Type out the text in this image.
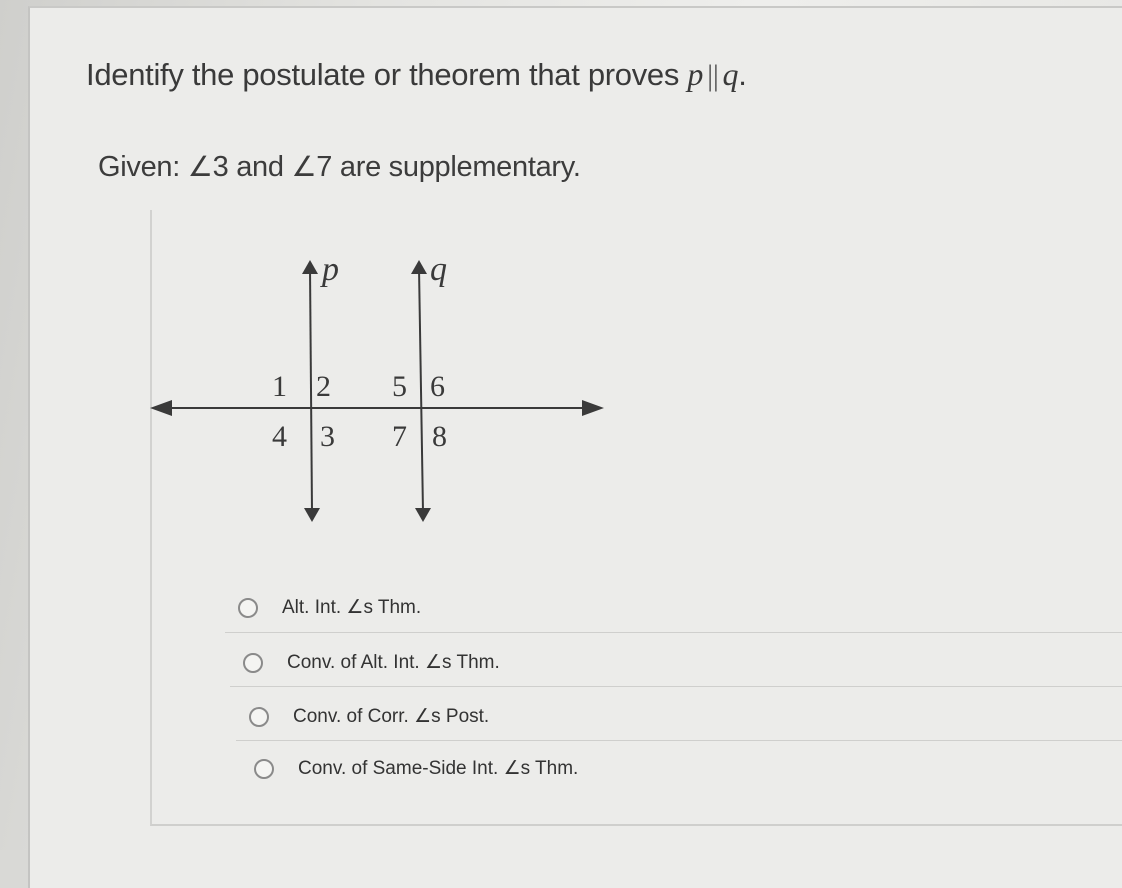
Identify the postulate or theorem that proves p || q.
Given: ∠3 and ∠7 are supplementary.
p	q
1 2
4 3
5 6
7 8
Alt. Int. ∠s Thm.
Conv. of Alt. Int. ∠s Thm.
Conv. of Corr. ∠s Post.
Conv. of Same-Side Int. ∠s Thm.
